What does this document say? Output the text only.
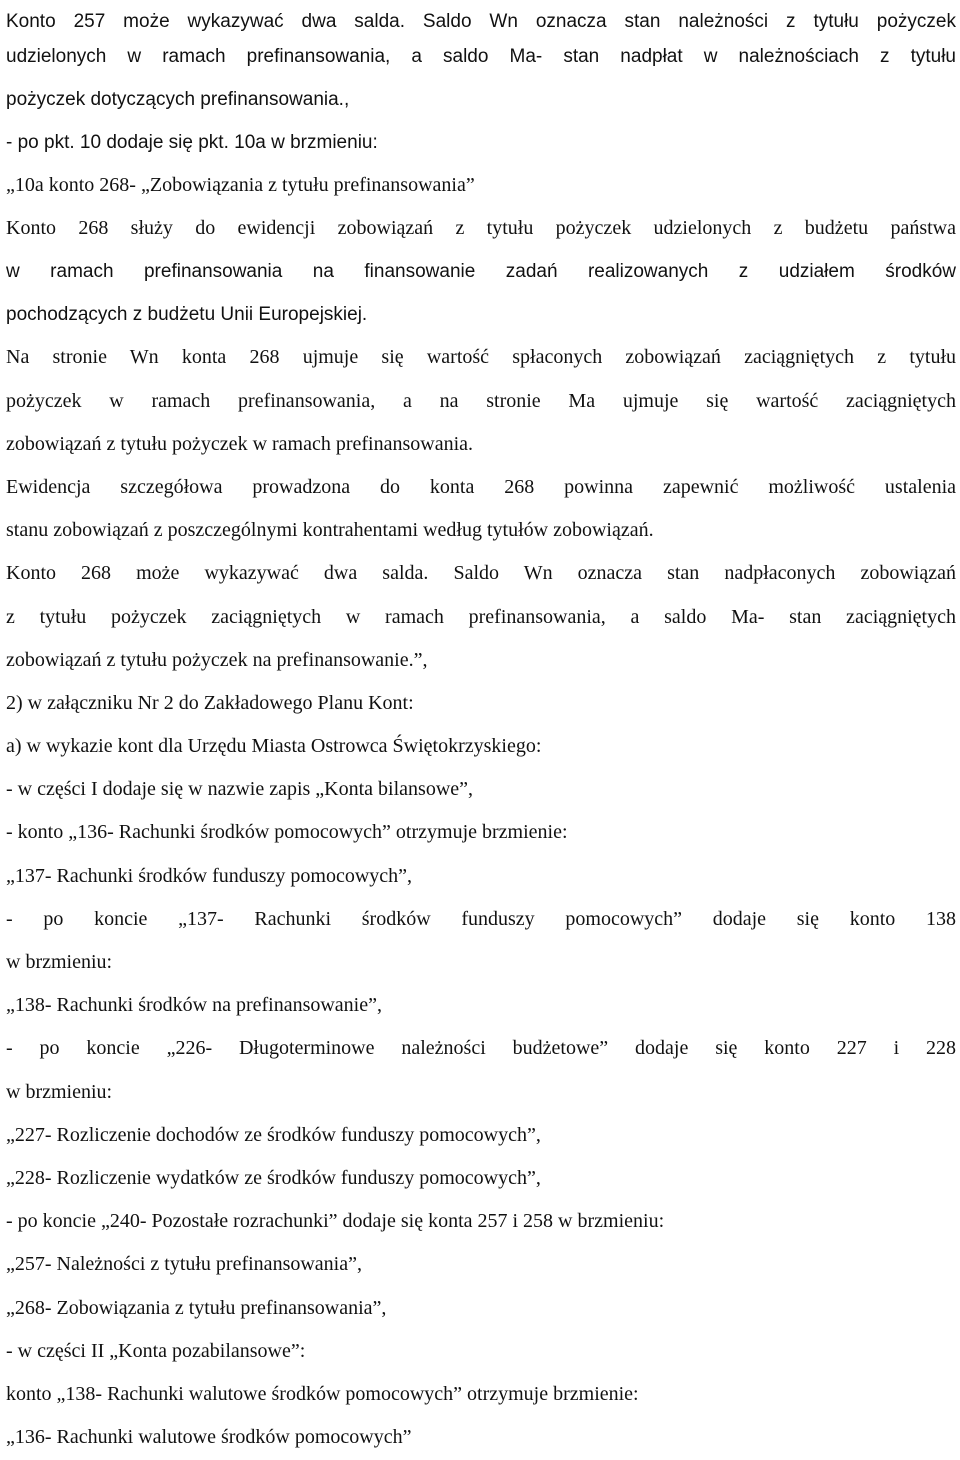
Konto 257 może wykazywać dwa salda. Saldo Wn oznacza stan należności z tytułu pożyczek
udzielonych w ramach prefinansowania, a saldo Ma- stan nadpłat w należnościach z tytułu
pożyczek dotyczących prefinansowania.,
- po pkt. 10 dodaje się pkt. 10a w brzmieniu:
„10a konto 268- „Zobowiązania z tytułu prefinansowania”
Konto 268 służy do ewidencji zobowiązań z tytułu pożyczek udzielonych z budżetu państwa
w ramach prefinansowania na finansowanie zadań realizowanych z udziałem środków
pochodzących z budżetu Unii Europejskiej.
Na stronie Wn konta 268 ujmuje się wartość spłaconych zobowiązań zaciągniętych z tytułu
pożyczek w ramach prefinansowania, a na stronie Ma ujmuje się wartość zaciągniętych
zobowiązań z tytułu pożyczek w ramach prefinansowania.
Ewidencja szczegółowa prowadzona do konta 268 powinna zapewnić możliwość ustalenia
stanu zobowiązań z poszczególnymi kontrahentami według tytułów zobowiązań.
Konto 268 może wykazywać dwa salda. Saldo Wn oznacza stan nadpłaconych zobowiązań
z tytułu pożyczek zaciągniętych w ramach prefinansowania, a saldo Ma- stan zaciągniętych
zobowiązań z tytułu pożyczek na prefinansowanie.”,
2) w załączniku Nr 2 do Zakładowego Planu Kont:
a) w wykazie kont dla Urzędu Miasta Ostrowca Świętokrzyskiego:
- w części I dodaje się w nazwie zapis „Konta bilansowe”,
- konto „136- Rachunki środków pomocowych” otrzymuje brzmienie:
„137- Rachunki środków funduszy pomocowych”,
- po koncie „137- Rachunki środków funduszy pomocowych” dodaje się konto 138
w brzmieniu:
„138- Rachunki środków na prefinansowanie”,
- po koncie „226- Długoterminowe należności budżetowe” dodaje się konto 227 i 228
w brzmieniu:
„227- Rozliczenie dochodów ze środków funduszy pomocowych”,
„228- Rozliczenie wydatków ze środków funduszy pomocowych”,
- po koncie „240- Pozostałe rozrachunki” dodaje się konta 257 i 258 w brzmieniu:
„257- Należności z tytułu prefinansowania”,
„268- Zobowiązania z tytułu prefinansowania”,
- w części II „Konta pozabilansowe”:
konto „138- Rachunki walutowe środków pomocowych” otrzymuje brzmienie:
„136- Rachunki walutowe środków pomocowych”
